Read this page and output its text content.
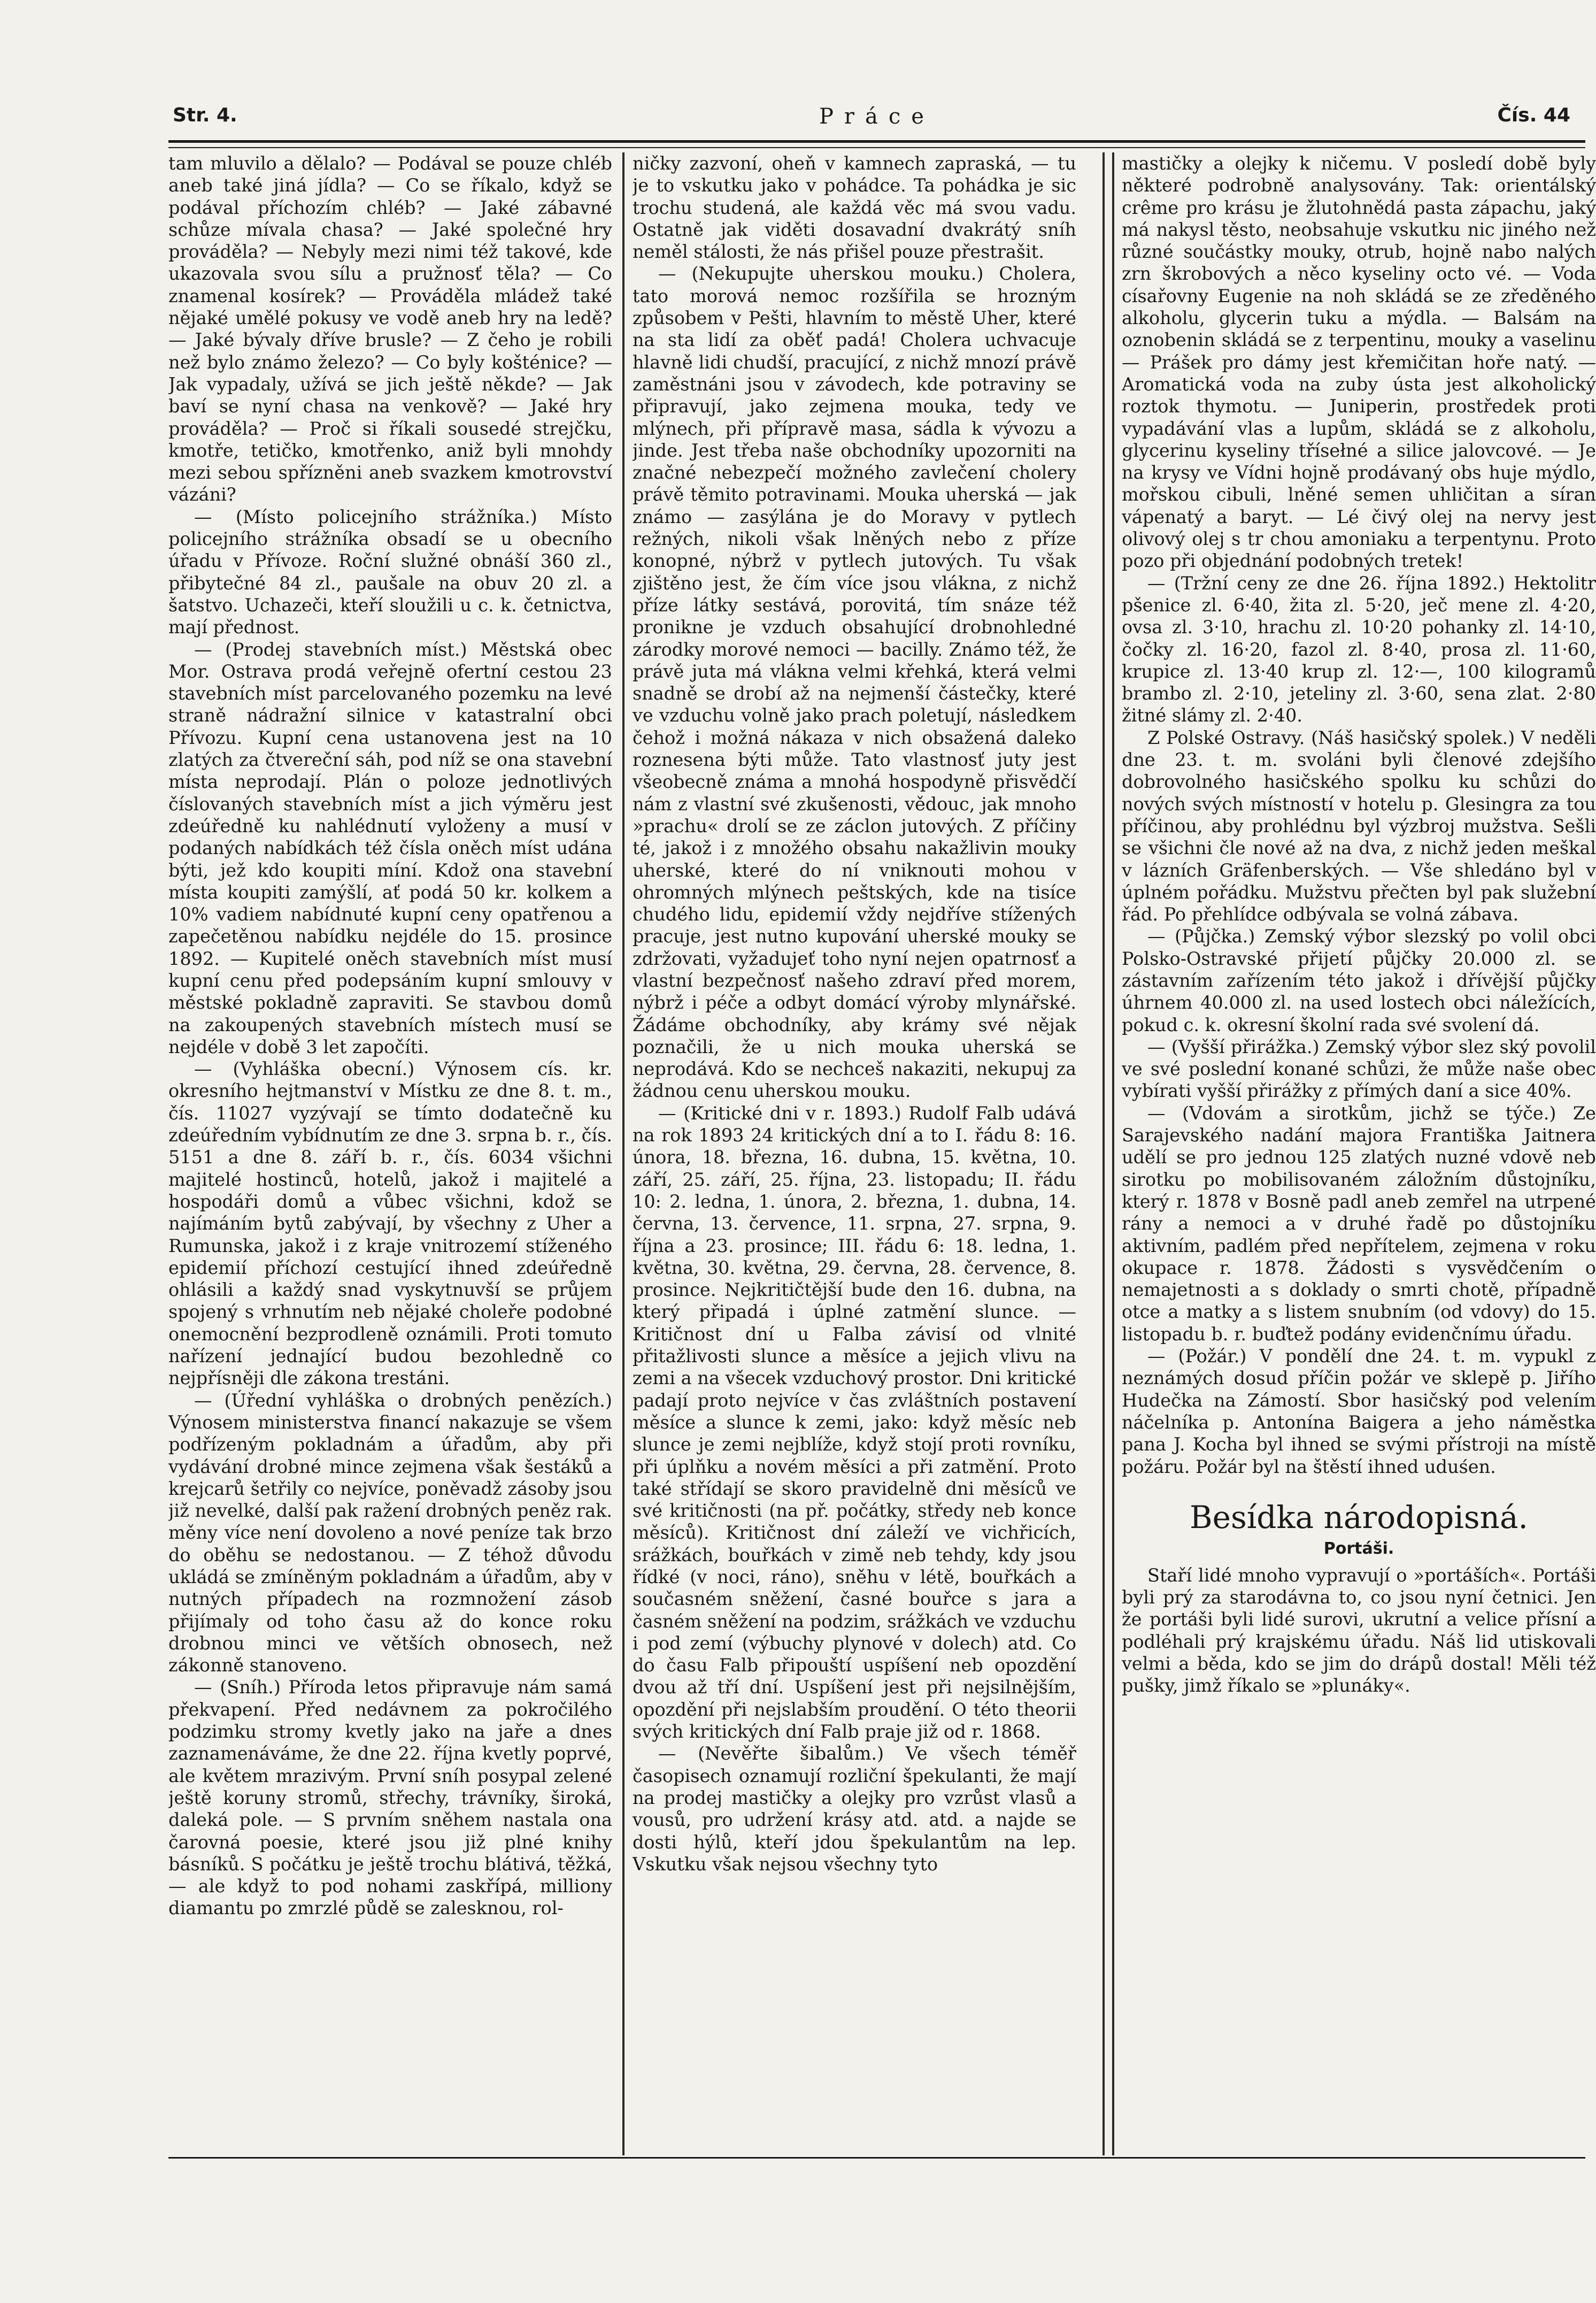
Str. 4.	Práce	Čís. 44

tam mluvilo a dělalo? — Podával se pouze chléb aneb také jiná jídla? — Co se říkalo, když se podával příchozím chléb? — Jaké zábavné schůze mívala chasa? — Jaké společné hry prováděla? — Nebyly mezi nimi též takové, kde ukazovala svou sílu a pružnosť těla? — Co znamenal kosírek? — Prováděla mládež také nějaké umělé pokusy ve vodě aneb hry na ledě? — Jaké bývaly dříve brusle? — Z čeho je robili než bylo známo železo? — Co byly košténice? — Jak vypadaly, užívá se jich ještě někde? — Jak baví se nyní chasa na venkově? — Jaké hry prováděla? — Proč si říkali sousedé strejčku, kmotře, tetičko, kmotřenko, aniž byli mnohdy mezi sebou spřízněni aneb svazkem kmotrovství vázáni?

— (Místo policejního strážníka.) Místo policejního strážníka obsadí se u obecního úřadu v Přívoze. Roční služné obnáší 360 zl., přibytečné 84 zl., paušale na obuv 20 zl. a šatstvo. Uchazeči, kteří sloužili u c. k. četnictva, mají přednost.

— (Prodej stavebních míst.) Městská obec Mor. Ostrava prodá veřejně ofertní cestou 23 stavebních míst parcelovaného pozemku na levé straně nádražní silnice v katastralní obci Přívozu. Kupní cena ustanovena jest na 10 zlatých za čtvereční sáh, pod níž se ona stavební místa neprodají. Plán o poloze jednotlivých číslovaných stavebních míst a jich výměru jest zdeúředně ku nahlédnutí vyloženy a musí v podaných nabídkách též čísla oněch míst udána býti, jež kdo koupiti míní. Kdož ona stavební místa koupiti zamýšlí, ať podá 50 kr. kolkem a 10% vadiem nabídnuté kupní ceny opatřenou a zapečetěnou nabídku nejdéle do 15. prosince 1892. — Kupitelé oněch stavebních míst musí kupní cenu před podepsáním kupní smlouvy v městské pokladně zapraviti. Se stavbou domů na zakoupených stavebních místech musí se nejdéle v době 3 let započíti.

— (Vyhláška obecní.) Výnosem cís. kr. okresního hejtmanství v Místku ze dne 8. t. m., čís. 11027 vyzývají se tímto dodatečně ku zdeúředním vybídnutím ze dne 3. srpna b. r., čís. 5151 a dne 8. září b. r., čís. 6034 všichni majitelé hostinců, hotelů, jakož i majitelé a hospodáři domů a vůbec všichni, kdož se najímáním bytů zabývají, by všechny z Uher a Rumunska, jakož i z kraje vnitrozemí stíženého epidemií příchozí cestující ihned zdeúředně ohlásili a každý snad vyskytnuvší se průjem spojený s vrhnutím neb nějaké choleře podobné onemocnění bezprodleně oznámili. Proti tomuto nařízení jednající budou bezohledně co nejpřísněji dle zákona trestáni.

— (Úřední vyhláška o drobných penězích.) Výnosem ministerstva financí nakazuje se všem podřízeným pokladnám a úřadům, aby při vydávání drobné mince zejmena však šestáků a krejcarů šetřily co nejvíce, poněvadž zásoby jsou již nevelké, další pak ražení drobných peněz rak. měny více není dovoleno a nové peníze tak brzo do oběhu se nedostanou. — Z téhož důvodu ukládá se zmíněným pokladnám a úřadům, aby v nutných případech na rozmnožení zásob přijímaly od toho času až do konce roku drobnou minci ve větších obnosech, než zákonně stanoveno.

— (Sníh.) Příroda letos připravuje nám samá překvapení. Před nedávnem za pokročilého podzimku stromy kvetly jako na jaře a dnes zaznamenáváme, že dne 22. října kvetly poprvé, ale květem mrazivým. První sníh posypal zelené ještě koruny stromů, střechy, trávníky, široká, daleká pole. — S prvním sněhem nastala ona čarovná poesie, které jsou již plné knihy básníků. S počátku je ještě trochu blátivá, těžká, — ale když to pod nohami zaskřípá, milliony diamantu po zmrzlé půdě se zalesknou, rol-

ničky zazvoní, oheň v kamnech zapraská, — tu je to vskutku jako v pohádce. Ta pohádka je sic trochu studená, ale každá věc má svou vadu. Ostatně jak viděti dosavadní dvakrátý sníh neměl stálosti, že nás přišel pouze přestrašit.

— (Nekupujte uherskou mouku.) Cholera, tato morová nemoc rozšířila se hrozným způsobem v Pešti, hlavním to městě Uher, které na sta lidí za oběť padá! Cholera uchvacuje hlavně lidi chudší, pracující, z nichž mnozí právě zaměstnáni jsou v závodech, kde potraviny se připravují, jako zejmena mouka, tedy ve mlýnech, při přípravě masa, sádla k vývozu a jinde. Jest třeba naše obchodníky upozorniti na značné nebezpečí možného zavlečení cholery právě těmito potravinami. Mouka uherská — jak známo — zasýlána je do Moravy v pytlech režných, nikoli však lněných nebo z příze konopné, nýbrž v pytlech jutových. Tu však zjištěno jest, že čím více jsou vlákna, z nichž příze látky sestává, porovitá, tím snáze též pronikne je vzduch obsahující drobnohledné zárodky morové nemoci — bacilly. Známo též, že právě juta má vlákna velmi křehká, která velmi snadně se drobí až na nejmenší částečky, které ve vzduchu volně jako prach poletují, následkem čehož i možná nákaza v nich obsažená daleko roznesena býti může. Tato vlastnosť juty jest všeobecně známa a mnohá hospodyně přisvědčí nám z vlastní své zkušenosti, vědouc, jak mnoho »prachu« drolí se ze záclon jutových. Z příčiny té, jakož i z množého obsahu nakažlivin mouky uherské, které do ní vniknouti mohou v ohromných mlýnech peštských, kde na tisíce chudého lidu, epidemií vždy nejdříve stížených pracuje, jest nutno kupování uherské mouky se zdržovati, vyžadujeť toho nyní nejen opatrnosť a vlastní bezpečnosť našeho zdraví před morem, nýbrž i péče a odbyt domácí výroby mlynářské. Žádáme obchodníky, aby krámy své nějak poznačili, že u nich mouka uherská se neprodává. Kdo se nechceš nakaziti, nekupuj za žádnou cenu uherskou mouku.

— (Kritické dni v r. 1893.) Rudolf Falb udává na rok 1893 24 kritických dní a to I. řádu 8: 16. února, 18. března, 16. dubna, 15. května, 10. září, 25. září, 25. října, 23. listopadu; II. řádu 10: 2. ledna, 1. února, 2. března, 1. dubna, 14. června, 13. července, 11. srpna, 27. srpna, 9. října a 23. prosince; III. řádu 6: 18. ledna, 1. května, 30. května, 29. června, 28. července, 8. prosince. Nejkritičtější bude den 16. dubna, na který připadá i úplné zatmění slunce. — Kritičnost dní u Falba závisí od vlnité přitažlivosti slunce a měsíce a jejich vlivu na zemi a na všecek vzduchový prostor. Dni kritické padají proto nejvíce v čas zvláštních postavení měsíce a slunce k zemi, jako: když měsíc neb slunce je zemi nejblíže, když stojí proti rovníku, při úplňku a novém měsíci a při zatmění. Proto také střídají se skoro pravidelně dni měsíců ve své kritičnosti (na př. počátky, středy neb konce měsíců). Kritičnost dní záleží ve vichřicích, srážkách, bouřkách v zimě neb tehdy, kdy jsou řídké (v noci, ráno), sněhu v létě, bouřkách a současném sněžení, časné bouřce s jara a časném sněžení na podzim, srážkách ve vzduchu i pod zemí (výbuchy plynové v dolech) atd. Co do času Falb připouští uspíšení neb opozdění dvou až tří dní. Uspíšení jest při nejsilnějším, opozdění při nejslabším proudění. O této theorii svých kritických dní Falb praje již od r. 1868.

— (Nevěřte šibalům.) Ve všech téměř časopisech oznamují rozliční špekulanti, že mají na prodej mastičky a olejky pro vzrůst vlasů a vousů, pro udržení krásy atd. atd. a najde se dosti hýlů, kteří jdou špekulantům na lep. Vskutku však nejsou všechny tyto

mastičky a olejky k ničemu. V posledí době byly některé podrobně analysovány. Tak: orientálský crême pro krásu je žlutohnědá pasta zápachu, jaký má nakysl těsto, neobsahuje vskutku nic jiného než různé součástky mouky, otrub, hojně nabo nalých zrn škrobových a něco kyseliny octo vé. — Voda císařovny Eugenie na noh skládá se ze zředěného alkoholu, glycerin tuku a mýdla. — Balsám na oznobenin skládá se z terpentinu, mouky a vaselinu — Prášek pro dámy jest křemičitan hoře natý. — Aromatická voda na zuby ústa jest alkoholický roztok thymotu. — Juniperin, prostředek proti vypadávání vlas a lupům, skládá se z alkoholu, glycerinu kyseliny třísełné a silice jalovcové. — Je na krysy ve Vídni hojně prodávaný obs huje mýdlo, mořskou cibuli, lněné semen uhličitan a síran vápenatý a baryt. — Lé čivý olej na nervy jest olivový olej s tr chou amoniaku a terpentynu. Proto pozo při objednání podobných tretek!

— (Tržní ceny ze dne 26. října 1892.) Hektolitr pšenice zl. 6·40, žita zl. 5·20, ječ mene zl. 4·20, ovsa zl. 3·10, hrachu zl. 10·20 pohanky zl. 14·10, čočky zl. 16·20, fazol zl. 8·40, prosa zl. 11·60, krupice zl. 13·40 krup zl. 12·—, 100 kilogramů brambo zl. 2·10, jeteliny zl. 3·60, sena zlat. 2·80 žitné slámy zl. 2·40.

Z Polské Ostravy. (Náš hasičský spolek.) V neděli dne 23. t. m. svoláni byli členové zdejšího dobrovolného hasičského spolku ku schůzi do nových svých místností v hotelu p. Glesingra za tou příčinou, aby prohlédnu byl výzbroj mužstva. Sešli se všichni čle nové až na dva, z nichž jeden meškal v lázních Gräfenberských. — Vše shledáno byl v úplném pořádku. Mužstvu přečten byl pak služební řád. Po přehlídce odbývala se volná zábava.

— (Půjčka.) Zemský výbor slezský po volil obci Polsko-Ostravské přijetí půjčky 20.000 zl. se zástavním zařízením této jakož i dřívější půjčky úhrnem 40.000 zl. na used lostech obci náležících, pokud c. k. okresní školní rada své svolení dá.

— (Vyšší přirážka.) Zemský výbor slez ský povolil ve své poslední konané schůzi, že může naše obec vybírati vyšší přirážky z přímých daní a sice 40%.

— (Vdovám a sirotkům, jichž se týče.) Ze Sarajevského nadání majora Františka Jaitnera udělí se pro jednou 125 zlatých nuzné vdově neb sirotku po mobilisovaném záložním důstojníku, který r. 1878 v Bosně padl aneb zemřel na utrpené rány a nemoci a v druhé řadě po důstojníku aktivním, padlém před nepřítelem, zejmena v roku okupace r. 1878. Žádosti s vysvědčením o nemajetnosti a s doklady o smrti chotě, případně otce a matky a s listem snubním (od vdovy) do 15. listopadu b. r. buďtež podány evidenčnímu úřadu.

— (Požár.) V pondělí dne 24. t. m. vypukl z neznámých dosud příčin požár ve sklepě p. Jiřího Hudečka na Zámostí. Sbor hasičský pod velením náčelníka p. Antonína Baigera a jeho náměstka pana J. Kocha byl ihned se svými přístroji na místě požáru. Požár byl na štěstí ihned uduśen.

Besídka národopisná.
Portáši.

Staří lidé mnoho vypravují o »portáších«. Portáši byli prý za starodávna to, co jsou nyní četnici. Jen že portáši byli lidé surovi, ukrutní a velice přísní a podléhali prý krajskému úřadu. Náš lid utiskovali velmi a běda, kdo se jim do drápů dostal! Měli též pušky, jimž říkalo se »plunáky«.
